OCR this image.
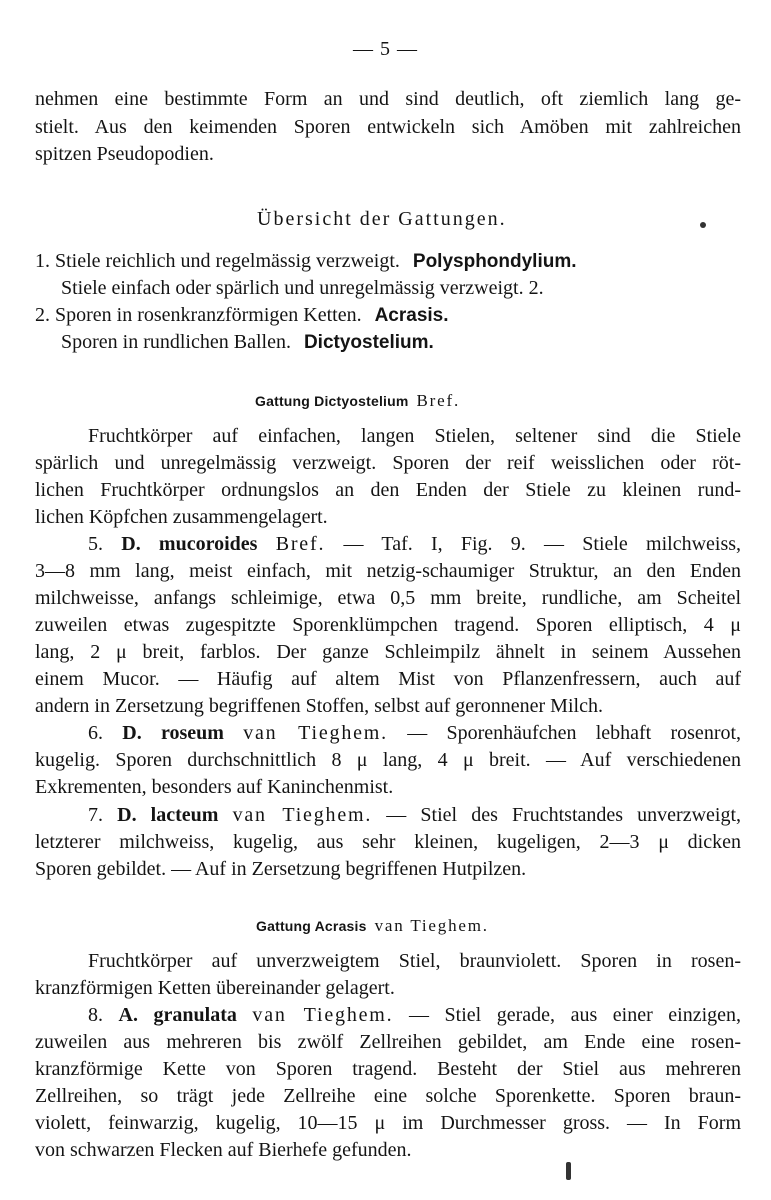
— 5 —
nehmen eine bestimmte Form an und sind deutlich, oft ziemlich lang ge-
stielt. Aus den keimenden Sporen entwickeln sich Amöben mit zahlreichen
spitzen Pseudopodien.
Übersicht der Gattungen.
1. Stiele reichlich und regelmässig verzweigt. Polysphondylium.
Stiele einfach oder spärlich und unregelmässig verzweigt. 2.
2. Sporen in rosenkranzförmigen Ketten. Acrasis.
Sporen in rundlichen Ballen. Dictyostelium.
Gattung Dictyostelium Bref.
Fruchtkörper auf einfachen, langen Stielen, seltener sind die Stiele
spärlich und unregelmässig verzweigt. Sporen der reif weisslichen oder röt-
lichen Fruchtkörper ordnungslos an den Enden der Stiele zu kleinen rund-
lichen Köpfchen zusammengelagert.
5. D. mucoroides Bref. — Taf. I, Fig. 9. — Stiele milchweiss,
3—8 mm lang, meist einfach, mit netzig-schaumiger Struktur, an den Enden
milchweisse, anfangs schleimige, etwa 0,5 mm breite, rundliche, am Scheitel
zuweilen etwas zugespitzte Sporenklümpchen tragend. Sporen elliptisch, 4 μ
lang, 2 μ breit, farblos. Der ganze Schleimpilz ähnelt in seinem Aussehen
einem Mucor. — Häufig auf altem Mist von Pflanzenfressern, auch auf
andern in Zersetzung begriffenen Stoffen, selbst auf geronnener Milch.
6. D. roseum van Tieghem. — Sporenhäufchen lebhaft rosenrot,
kugelig. Sporen durchschnittlich 8 μ lang, 4 μ breit. — Auf verschiedenen
Exkrementen, besonders auf Kaninchenmist.
7. D. lacteum van Tieghem. — Stiel des Fruchtstandes unverzweigt,
letzterer milchweiss, kugelig, aus sehr kleinen, kugeligen, 2—3 μ dicken
Sporen gebildet. — Auf in Zersetzung begriffenen Hutpilzen.
Gattung Acrasis van Tieghem.
Fruchtkörper auf unverzweigtem Stiel, braunviolett. Sporen in rosen-
kranzförmigen Ketten übereinander gelagert.
8. A. granulata van Tieghem. — Stiel gerade, aus einer einzigen,
zuweilen aus mehreren bis zwölf Zellreihen gebildet, am Ende eine rosen-
kranzförmige Kette von Sporen tragend. Besteht der Stiel aus mehreren
Zellreihen, so trägt jede Zellreihe eine solche Sporenkette. Sporen braun-
violett, feinwarzig, kugelig, 10—15 μ im Durchmesser gross. — In Form
von schwarzen Flecken auf Bierhefe gefunden.
